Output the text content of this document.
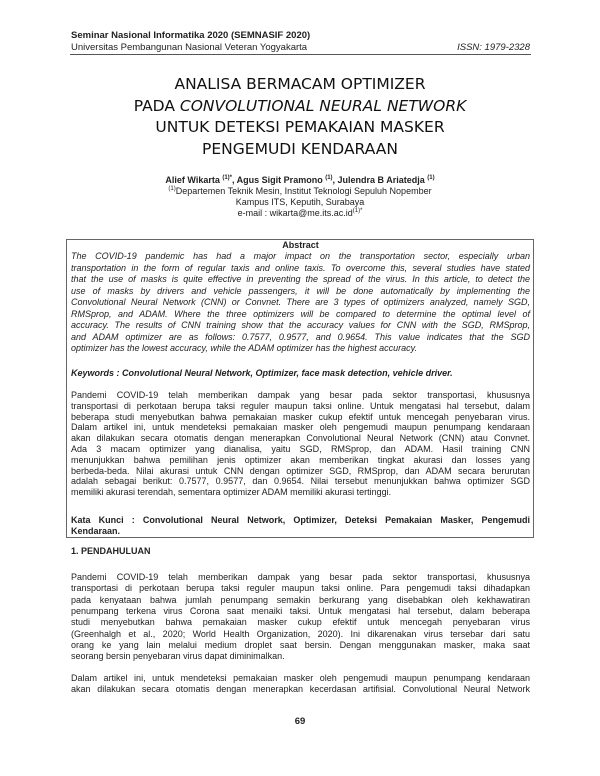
Seminar Nasional Informatika 2020 (SEMNASIF 2020)
Universitas Pembangunan Nasional Veteran Yogyakarta	ISSN: 1979-2328
ANALISA BERMACAM OPTIMIZER
PADA CONVOLUTIONAL NEURAL NETWORK
UNTUK DETEKSI PEMAKAIAN MASKER
PENGEMUDI KENDARAAN
Alief Wikarta $^{(1)*}$, Agus Sigit Pramono $^{(1)}$, Julendra B Ariatedja $^{(1)}$
$^{(1)}$Departemen Teknik Mesin, Institut Teknologi Sepuluh Nopember
Kampus ITS, Keputih, Surabaya
e-mail : $wikarta@me.its.ac.id^{(1)*}$
Abstract
The COVID-19 pandemic has had a major impact on the transportation sector, especially urban
transportation in the form of regular taxis and online taxis. To overcome this, several studies have stated
that the use of masks is quite effective in preventing the spread of the virus. In this article, to detect the
use of masks by drivers and vehicle passengers, it will be done automatically by implementing the
Convolutional Neural Network (CNN) or Convnet. There are 3 types of optimizers analyzed, namely SGD,
RMSprop, and ADAM. Where the three optimizers will be compared to determine the optimal level of
accuracy. The results of CNN training show that the accuracy values for CNN with the SGD, RMSprop,
and ADAM optimizer are as follows: 0.7577, 0.9577, and 0.9654. This value indicates that the SGD
optimizer has the lowest accuracy, while the ADAM optimizer has the highest accuracy.
Keywords : Convolutional Neural Network, Optimizer, face mask detection, vehicle driver.
Pandemi COVID-19 telah memberikan dampak yang besar pada sektor transportasi, khususnya
transportasi di perkotaan berupa taksi reguler maupun taksi online. Untuk mengatasi hal tersebut, dalam
beberapa studi menyebutkan bahwa pemakaian masker cukup efektif untuk mencegah penyebaran virus.
Dalam artikel ini, untuk mendeteksi pemakaian masker oleh pengemudi maupun penumpang kendaraan
akan dilakukan secara otomatis dengan menerapkan Convolutional Neural Network (CNN) atau Convnet.
Ada 3 macam optimizer yang dianalisa, yaitu SGD, RMSprop, dan ADAM. Hasil training CNN
menunjukkan bahwa pemilihan jenis optimizer akan memberikan tingkat akurasi dan losses yang
berbeda-beda. Nilai akurasi untuk CNN dengan optimizer SGD, RMSprop, dan ADAM secara berurutan
adalah sebagai berikut: 0.7577, 0.9577, dan 0.9654. Nilai tersebut menunjukkan bahwa optimizer SGD
memiliki akurasi terendah, sementara optimizer ADAM memiliki akurasi tertinggi.
Kata Kunci : Convolutional Neural Network, Optimizer, Deteksi Pemakaian Masker, Pengemudi
Kendaraan.
1. PENDAHULUAN
Pandemi COVID-19 telah memberikan dampak yang besar pada sektor transportasi, khususnya
transportasi di perkotaan berupa taksi reguler maupun taksi online. Para pengemudi taksi dihadapkan
pada kenyataan bahwa jumlah penumpang semakin berkurang yang disebabkan oleh kekhawatiran
penumpang terkena virus Corona saat menaiki taksi. Untuk mengatasi hal tersebut, dalam beberapa
studi menyebutkan bahwa pemakaian masker cukup efektif untuk mencegah penyebaran virus
(Greenhalgh et al., 2020; World Health Organization, 2020). Ini dikarenakan virus tersebar dari satu
orang ke yang lain melalui medium droplet saat bersin. Dengan menggunakan masker, maka saat
seorang bersin penyebaran virus dapat diminimalkan.
Dalam artikel ini, untuk mendeteksi pemakaian masker oleh pengemudi maupun penumpang kendaraan
akan dilakukan secara otomatis dengan menerapkan kecerdasan artifisial. Convolutional Neural Network
69
